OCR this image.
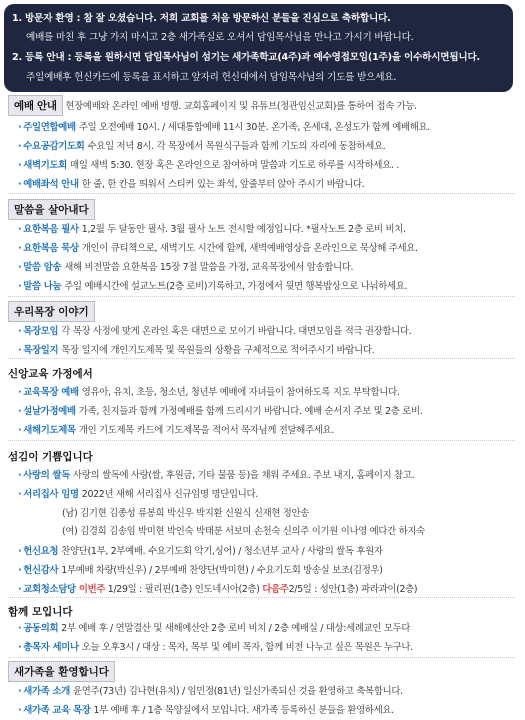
1. 방문자 환영 : 참 잘 오셨습니다. 저희 교회를 처음 방문하신 분들을 진심으로 축하합니다.
예배를 마친 후 그냥 가지 마시고 2층 새가족실로 오셔서 담임목사님을 만나고 가시기 바랍니다.
2. 등록 안내 : 등록을 원하시면 담임목사님이 섬기는 새가족학교(4주)과 예수영접모임(1주)을 이수하시면됩니다.
주일예배후 헌신카드에 등록을 표시하고 앞자리 헌신대에서 담임목사님의 기도를 받으세요.
예배 안내 현장예배와 온라인 예배 병행. 교회홈페이지 및 유튜브(정관임신교회)를 통하여 접속 가능.
· 주일연합예배 주일 오전예배 10시. / 세대통합예배 11시 30분. 온가족, 온세대, 온성도가 함께 예배해요.
· 수요공감기도회 수요일 저녁 8시. 각 목장에서 목원식구들과 함께 기도의 자리에 동참하세요.
· 새벽기도회 매일 새벽 5:30. 현장 혹은 온라인으로 참여하며 말씀과 기도로 하루를 시작하세요. .
· 예배좌석 안내 한 줄, 한 칸을 띄워서 스티커 있는 좌석, 앞줄부터 앉아 주시기 바랍니다.
말씀을 살아내다
· 요한복음 필사 1,2월 두 달동안 필사. 3월 필사 노트 전시할 예정입니다. *필사노트 2층 로비 비치.
· 요한복음 묵상 개인이 큐티책으로, 새벽기도 시간에 함께, 새벽예배영상을 온라인으로 묵상해 주세요.
· 말씀 암송 새해 비전말씀 요한복음 15장 7절 말씀을 가정, 교육목장에서 암송합니다.
· 말씀 나눔 주일 예배시간에 설교노트(2층 로비)기록하고, 가정에서 뒷면 행복밥상으로 나눠하세요.
우리목장 이야기
· 목장모임 각 목장 사정에 맞게 온라인 혹은 대면으로 모이기 바랍니다. 대면모임을 적극 권장합니다.
· 목장일지 목장 일지에 개인기도제목 및 목원들의 상황을 구체적으로 적어주시기 바랍니다.
신앙교육 가정에서
· 교육목장 예배 영유아, 유치, 초등, 청소년, 청년부 예배에 자녀들이 참여하도록 지도 부탁합니다.
· 설날가정예배 가족, 친지들과 함께 가정예배를 함께 드리시기 바랍니다. 예배 순서지 주보 및 2층 로비.
· 새해기도제목 개인 기도제목 카드에 기도제목을 적어서 목자님께 전달해주세요.
섬김이 기쁨입니다
· 사랑의 쌀독 사랑의 쌀독에 사랑(쌀, 후원금, 기타 물품 등)을 채워 주세요. 주보 내지, 홈페이지 참고.
· 서리집사 임명 2022년 새해 서리집사 신규임명 명단입니다.
(남) 김기현 김종성 류봉희 박신우 박지환 신원식 신재현 정안송
(여) 김경희 김송임 박미현 박인숙 박태분 서보미 손천숙 신의주 이기원 이나영 예다간 하지숙
· 헌신요청 찬양단(1부, 2부예배. 수요기도회 악기,싱어) / 청소년부 교사 / 사랑의 쌀독 후원자
· 헌신감사 1부예배 차량(박신우) / 2부예배 찬양단(박미현) / 수요기도회 방송실 보조(김정우)
· 교회청소담당 이번주 1/29일 : 필리핀(1층) 인도네시아(2층) 다음주2/5일 : 성안(1층) 파라과이(2층)
함께 모입니다
· 공동의회 2부 예배 후 / 연말결산 및 새해예산안 2층 로비 비치 / 2층 예배실 / 대상:세례교인 모두다
· 총목자 세미나 오늘 오후3시 / 대상 : 목자, 목부 및 예비 목자, 함께 비전 나누고 싶은 목원은 누구나.
새가족을 환영합니다
· 새가족 소개 윤연주(73년) 김나현(유치) / 임민정(81년) 일신가족되신 것을 환영하고 축복합니다.
· 새가족 교육 목장 1부 예배 후 / 1층 목양실에서 모입니다. 새가족 등록하신 분들을 환영하세요.
